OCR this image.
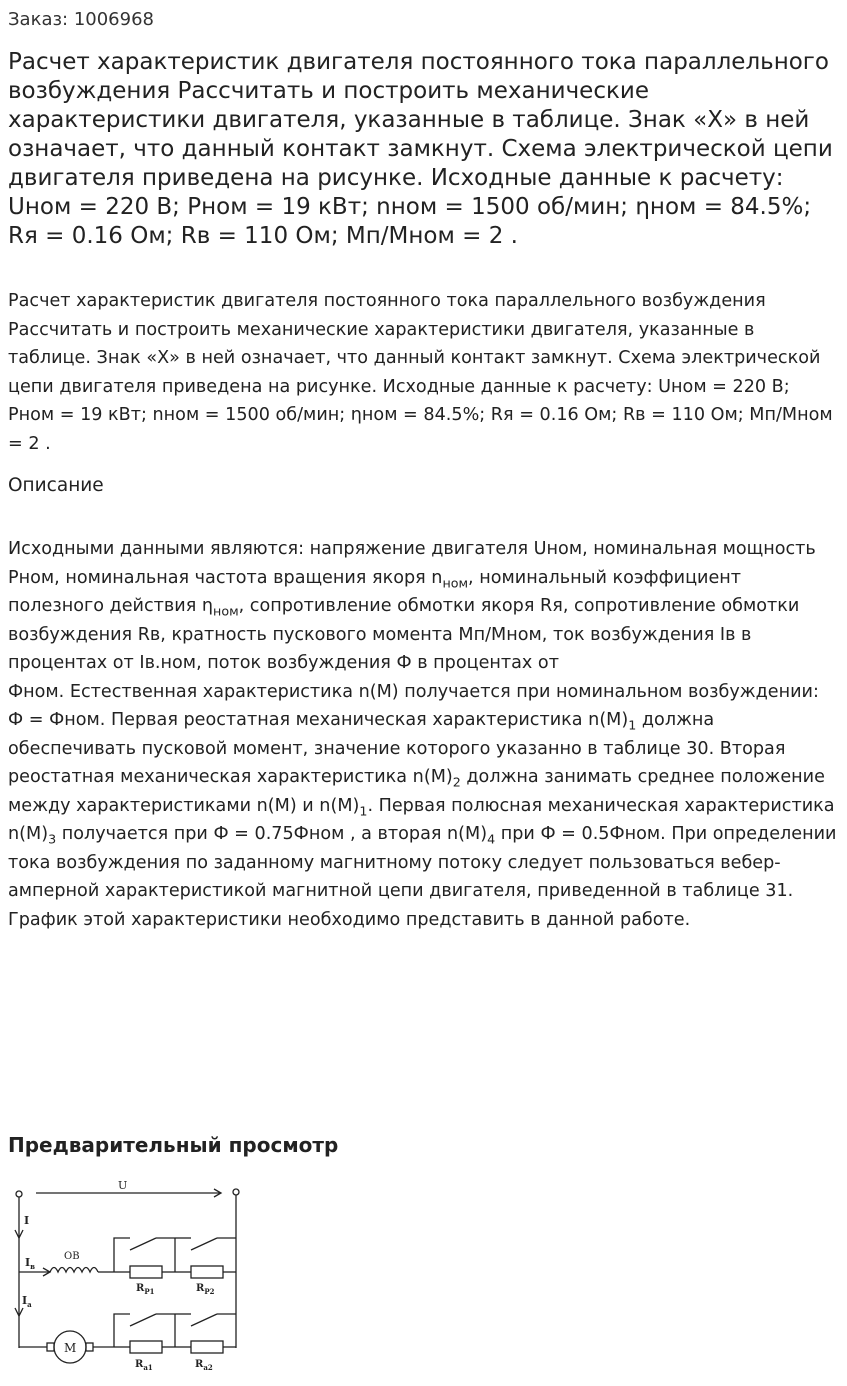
Заказ: 1006968

Расчет характеристик двигателя постоянного тока параллельного возбуждения Рассчитать и построить механические характеристики двигателя, указанные в таблице. Знак «Х» в ней означает, что данный контакт замкнут. Схема электрической цепи двигателя приведена на рисунке. Исходные данные к расчету: Uном = 220 В; Рном = 19 кВт; nном = 1500 об/мин; ηном = 84.5%; Rя = 0.16 Ом; Rв = 110 Ом; Мп/Мном = 2 .

Расчет характеристик двигателя постоянного тока параллельного возбуждения Рассчитать и построить механические характеристики двигателя, указанные в таблице. Знак «Х» в ней означает, что данный контакт замкнут. Схема электрической цепи двигателя приведена на рисунке. Исходные данные к расчету: Uном = 220 В; Рном = 19 кВт; nном = 1500 об/мин; ηном = 84.5%; Rя = 0.16 Ом; Rв = 110 Ом; Мп/Мном = 2 .

Описание

Исходными данными являются: напряжение двигателя Uном, номинальная мощность Рном, номинальная частота вращения якоря $n_{ном}$, номинальный коэффициент полезного действия $\eta_{ном}$, сопротивление обмотки якоря Rя, сопротивление обмотки возбуждения Rв, кратность пускового момента Мп/Мном, ток возбуждения Iв в процентах от Iв.ном, поток возбуждения Ф в процентах от
Фном. Естественная характеристика n(M) получается при номинальном возбуждении: Ф = Фном. Первая реостатная механическая характеристика $n(M)_1$ должна обеспечивать пусковой момент, значение которого указанно в таблице 30. Вторая реостатная механическая характеристика $n(M)_2$ должна занимать среднее положение между характеристиками n(M) и $n(M)_1$. Первая полюсная механическая характеристика $n(M)_3$ получается при Ф = 0.75Фном , а вторая $n(M)_4$ при Ф = 0.5Фном. При определении тока возбуждения по заданному магнитному потоку следует пользоваться вебер-амперной характеристикой магнитной цепи двигателя, приведенной в таблице 31. График этой характеристики необходимо представить в данной работе.

Предварительный просмотр
U
I
$I_a$
$I_в$
ОВ
$R_{P1}$	$R_{P2}$
M
$R_{a1}$	$R_{a2}$
